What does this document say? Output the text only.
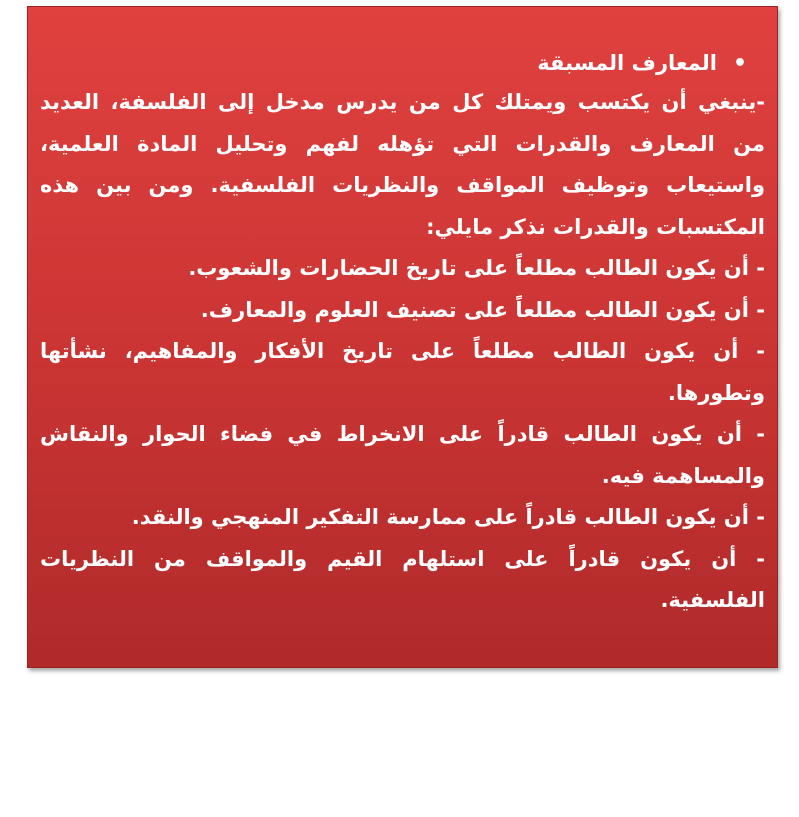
•المعارف المسبقة
-ينبغي أن يكتسب ويمتلك كل من يدرس مدخل إلى الفلسفة، العديد
من المعارف والقدرات التي تؤهله لفهم وتحليل المادة العلمية،
واستيعاب وتوظيف المواقف والنظريات الفلسفية. ومن بين هذه
المكتسبات والقدرات نذكر مايلي:
- أن يكون الطالب مطلعاً على تاريخ الحضارات والشعوب.
- أن يكون الطالب مطلعاً على تصنيف العلوم والمعارف.
- أن يكون الطالب مطلعاً على تاريخ الأفكار والمفاهيم، نشأتها
وتطورها.
- أن يكون الطالب قادراً على الانخراط في فضاء الحوار والنقاش
والمساهمة فيه.
- أن يكون الطالب قادراً على ممارسة التفكير المنهجي والنقد.
- أن يكون قادراً على استلهام القيم والمواقف من النظريات
الفلسفية.
